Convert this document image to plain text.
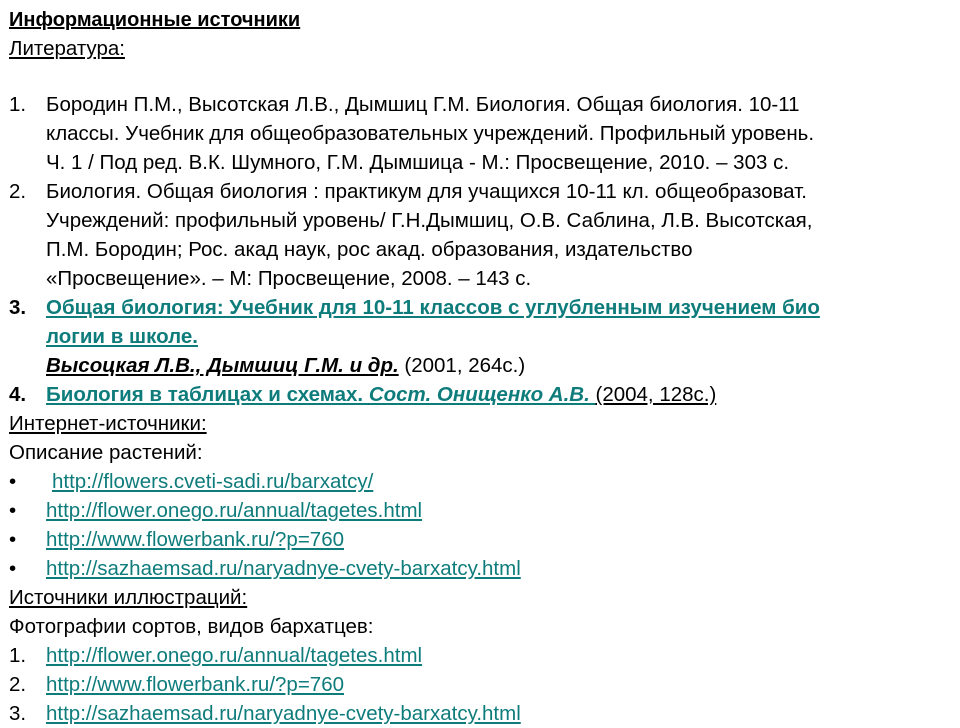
Информационные источники
Литература:
1. Бородин П.М., Высотская Л.В., Дымшиц Г.М. Биология. Общая биология. 10-11
классы. Учебник для общеобразовательных учреждений. Профильный уровень.
Ч. 1 / Под ред. В.К. Шумного, Г.М. Дымшица - М.: Просвещение, 2010. – 303 с.
2. Биология. Общая биология : практикум для учащихся 10-11 кл. общеобразоват.
Учреждений: профильный уровень/ Г.Н.Дымшиц, О.В. Саблина, Л.В. Высотская,
П.М. Бородин; Рос. акад наук, рос акад. образования, издательство
«Просвещение». – М: Просвещение, 2008. – 143 с.
3. Общая биология: Учебник для 10-11 классов с углубленным изучением био
логии в школе.
Высоцкая Л.В., Дымшиц Г.М. и др. (2001, 264с.)
4. Биология в таблицах и схемах. Сост. Онищенко А.В. (2004, 128с.)
Интернет-источники:
Описание растений:
•	http://flowers.cveti-sadi.ru/barxatcy/
•	http://flower.onego.ru/annual/tagetes.html
•	http://www.flowerbank.ru/?p=760
•	http://sazhaemsad.ru/naryadnye-cvety-barxatcy.html
Источники иллюстраций:
Фотографии сортов, видов бархатцев:
1. http://flower.onego.ru/annual/tagetes.html
2. http://www.flowerbank.ru/?p=760
3. http://sazhaemsad.ru/naryadnye-cvety-barxatcy.html
